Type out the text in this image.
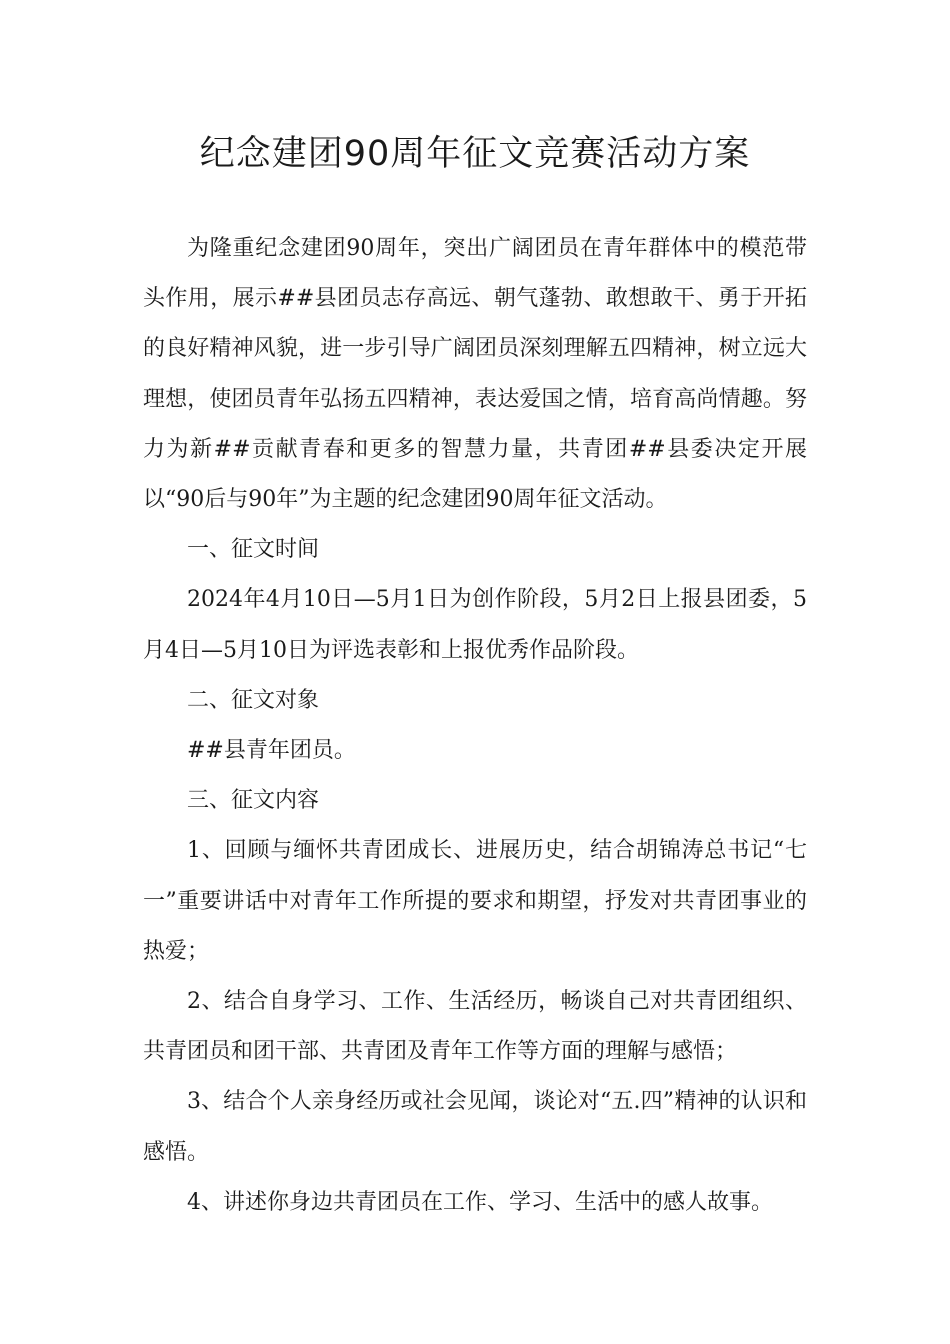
纪念建团90周年征文竞赛活动方案

为隆重纪念建团90周年，突出广阔团员在青年群体中的模范带头作用，展示##县团员志存高远、朝气蓬勃、敢想敢干、勇于开拓的良好精神风貌，进一步引导广阔团员深刻理解五四精神，树立远大理想，使团员青年弘扬五四精神，表达爱国之情，培育高尚情趣。努力为新##贡献青春和更多的智慧力量，共青团##县委决定开展以“90后与90年”为主题的纪念建团90周年征文活动。

一、征文时间

2024年4月10日—5月1日为创作阶段，5月2日上报县团委，5月4日—5月10日为评选表彰和上报优秀作品阶段。

二、征文对象

##县青年团员。

三、征文内容

1、回顾与缅怀共青团成长、进展历史，结合胡锦涛总书记“七一”重要讲话中对青年工作所提的要求和期望，抒发对共青团事业的热爱；

2、结合自身学习、工作、生活经历，畅谈自己对共青团组织、共青团员和团干部、共青团及青年工作等方面的理解与感悟；

3、结合个人亲身经历或社会见闻，谈论对“五.四”精神的认识和感悟。

4、讲述你身边共青团员在工作、学习、生活中的感人故事。
